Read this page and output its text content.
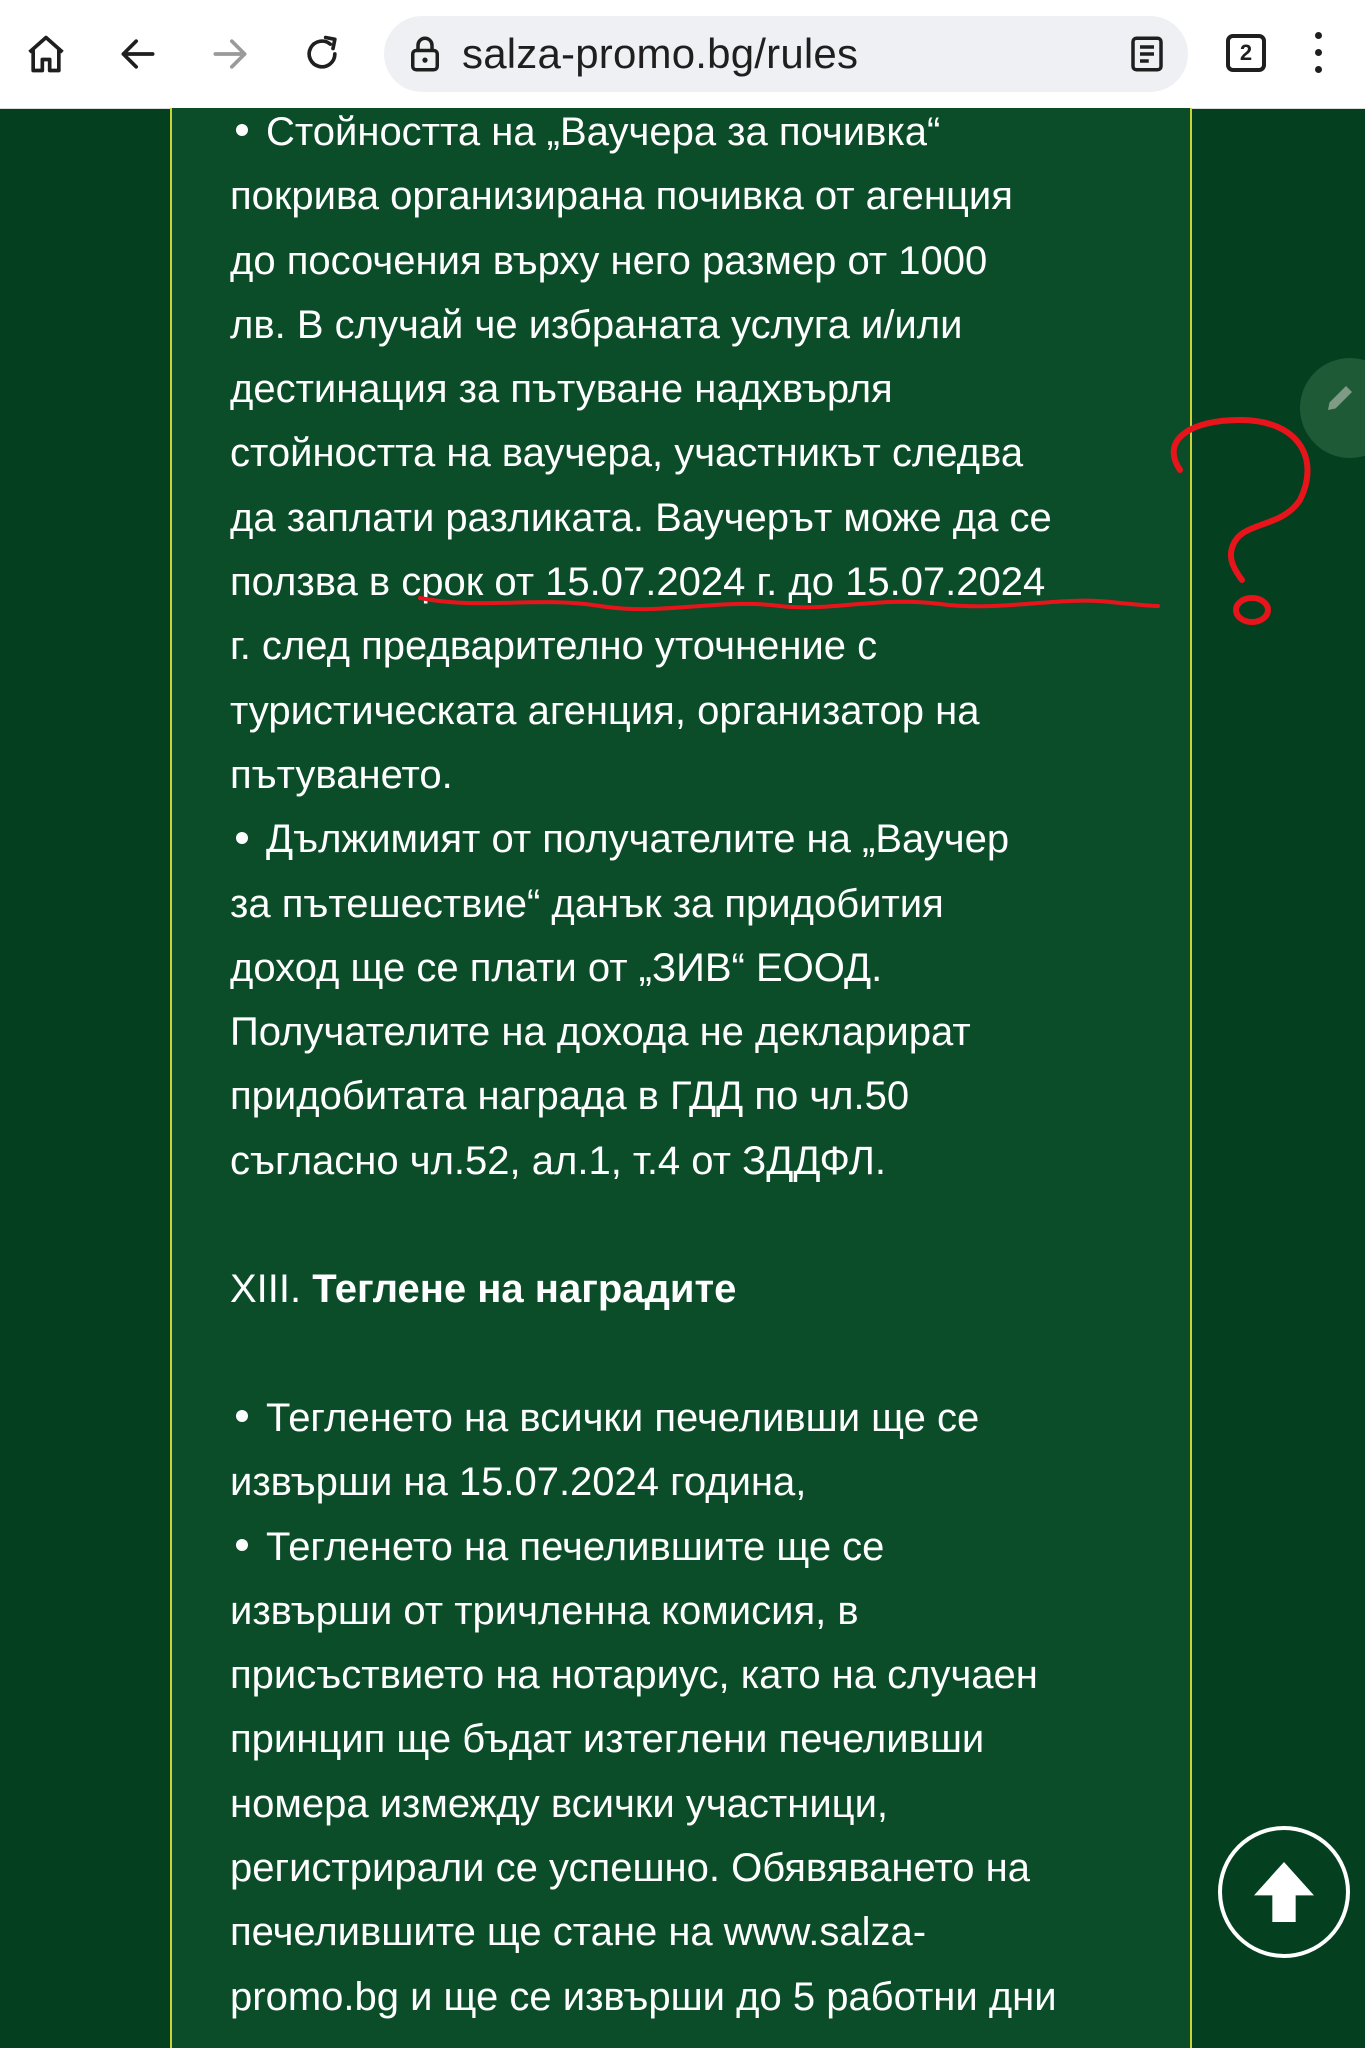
salza-promo.bg/rules	2

Стойността на „Ваучера за почивка“
покрива организирана почивка от агенция
до посочения върху него размер от 1000
лв. В случай че избраната услуга и/или
дестинация за пътуване надхвърля
стойността на ваучера, участникът следва
да заплати разликата. Ваучерът може да се
ползва в срок от 15.07.2024 г. до 15.07.2024
г. след предварително уточнение с
туристическата агенция, организатор на
пътуването.

Дължимият от получателите на „Ваучер
за пътешествие“ данък за придобития
доход ще се плати от „ЗИВ“ ЕООД.
Получателите на дохода не декларират
придобитата награда в ГДД по чл.50
съгласно чл.52, ал.1, т.4 от ЗДДФЛ.

XIII. Теглене на наградите

Тегленето на всички печеливши ще се
извърши на 15.07.2024 година,

Тегленето на печелившите ще се
извърши от тричленна комисия, в
присъствието на нотариус, като на случаен
принцип ще бъдат изтеглени печеливши
номера измежду всички участници,
регистрирали се успешно. Обявяването на
печелившите ще стане на www.salza-
promo.bg и ще се извърши до 5 работни дни
